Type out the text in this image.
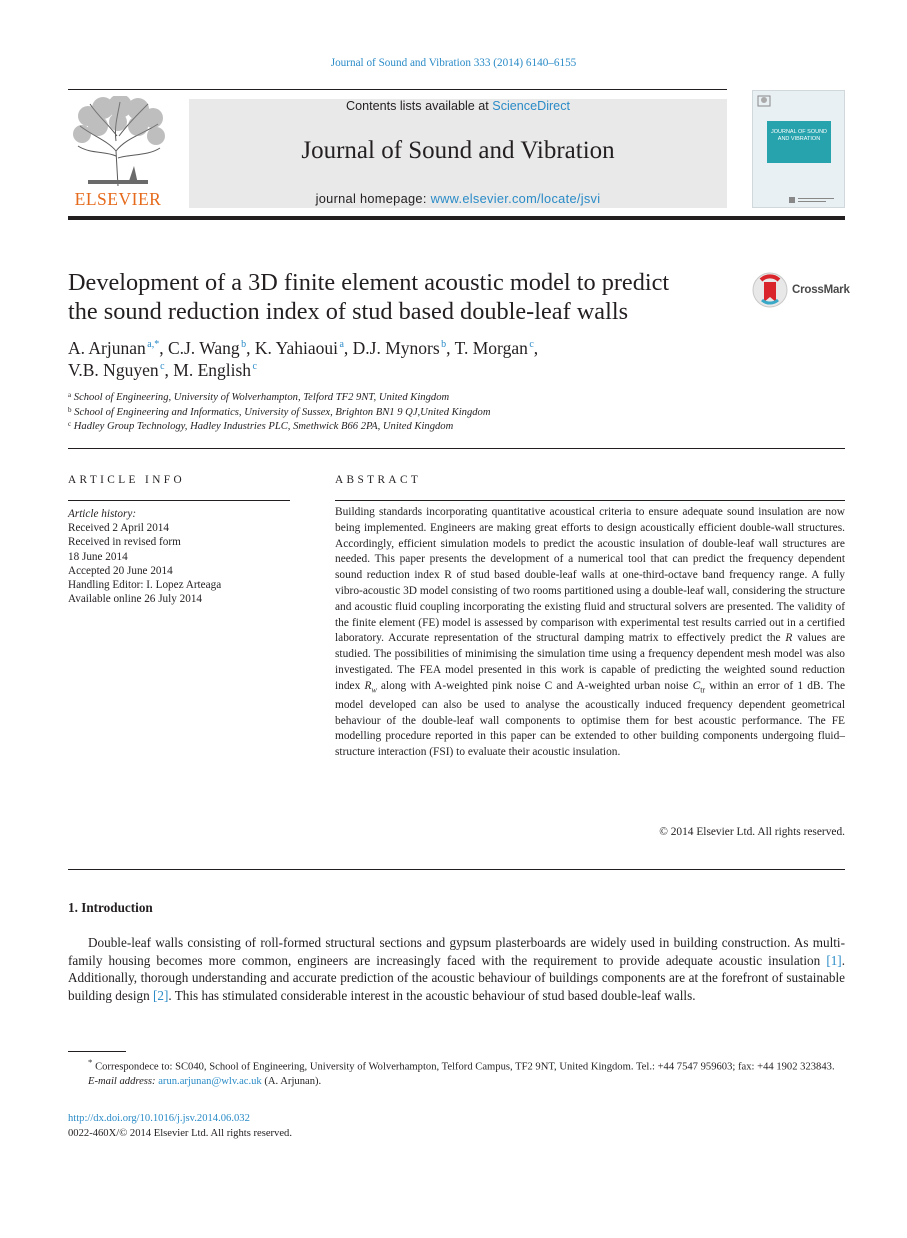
Journal of Sound and Vibration 333 (2014) 6140–6155
ELSEVIER
Contents lists available at ScienceDirect
Journal of Sound and Vibration
journal homepage: www.elsevier.com/locate/jsvi
JOURNAL OF SOUND AND VIBRATION
Development of a 3D finite element acoustic model to predict
the sound reduction index of stud based double-leaf walls
CrossMark
A. Arjunan $^{a,*}$, C.J. Wang $^b$, K. Yahiaoui $^a$, D.J. Mynors $^b$, T. Morgan $^c$,
V.B. Nguyen $^c$, M. English $^c$
$^a$ School of Engineering, University of Wolverhampton, Telford TF2 9NT, United Kingdom
$^b$ School of Engineering and Informatics, University of Sussex, Brighton BN1 9 QJ,United Kingdom
$^c$ Hadley Group Technology, Hadley Industries PLC, Smethwick B66 2PA, United Kingdom
ARTICLE INFO	ABSTRACT
Article history:
Received 2 April 2014
Received in revised form
18 June 2014
Accepted 20 June 2014
Handling Editor: I. Lopez Arteaga
Available online 26 July 2014
Building standards incorporating quantitative acoustical criteria to ensure adequate sound insulation are now being implemented. Engineers are making great efforts to design acoustically efficient double-wall structures. Accordingly, efficient simulation models to predict the acoustic insulation of double-leaf wall structures are needed. This paper presents the development of a numerical tool that can predict the frequency dependent sound reduction index R of stud based double-leaf walls at one-third-octave band frequency range. A fully vibro-acoustic 3D model consisting of two rooms partitioned using a double-leaf wall, considering the structure and acoustic fluid coupling incorporating the existing fluid and structural solvers are presented. The validity of the finite element (FE) model is assessed by comparison with experimental test results carried out in a certified laboratory. Accurate representation of the structural damping matrix to effectively predict the R values are studied. The possibilities of minimising the simulation time using a frequency dependent mesh model was also investigated. The FEA model presented in this work is capable of predicting the weighted sound reduction index $R_w$ along with A-weighted pink noise C and A-weighted urban noise $C_{tr}$ within an error of 1 dB. The model developed can also be used to analyse the acoustically induced frequency dependent geometrical behaviour of the double-leaf wall components to optimise them for best acoustic performance. The FE modelling procedure reported in this paper can be extended to other building components undergoing fluid–structure interaction (FSI) to evaluate their acoustic insulation.
© 2014 Elsevier Ltd. All rights reserved.
1. Introduction
Double-leaf walls consisting of roll-formed structural sections and gypsum plasterboards are widely used in building construction. As multi-family housing becomes more common, engineers are increasingly faced with the requirement to provide adequate acoustic insulation [1]. Additionally, thorough understanding and accurate prediction of the acoustic behaviour of buildings components are at the forefront of sustainable building design [2]. This has stimulated considerable interest in the acoustic behaviour of stud based double-leaf walls.
* Correspondece to: SC040, School of Engineering, University of Wolverhampton, Telford Campus, TF2 9NT, United Kingdom. Tel.: +44 7547 959603; fax: +44 1902 323843.
E-mail address: arun.arjunan@wlv.ac.uk (A. Arjunan).
http://dx.doi.org/10.1016/j.jsv.2014.06.032
0022-460X/© 2014 Elsevier Ltd. All rights reserved.
